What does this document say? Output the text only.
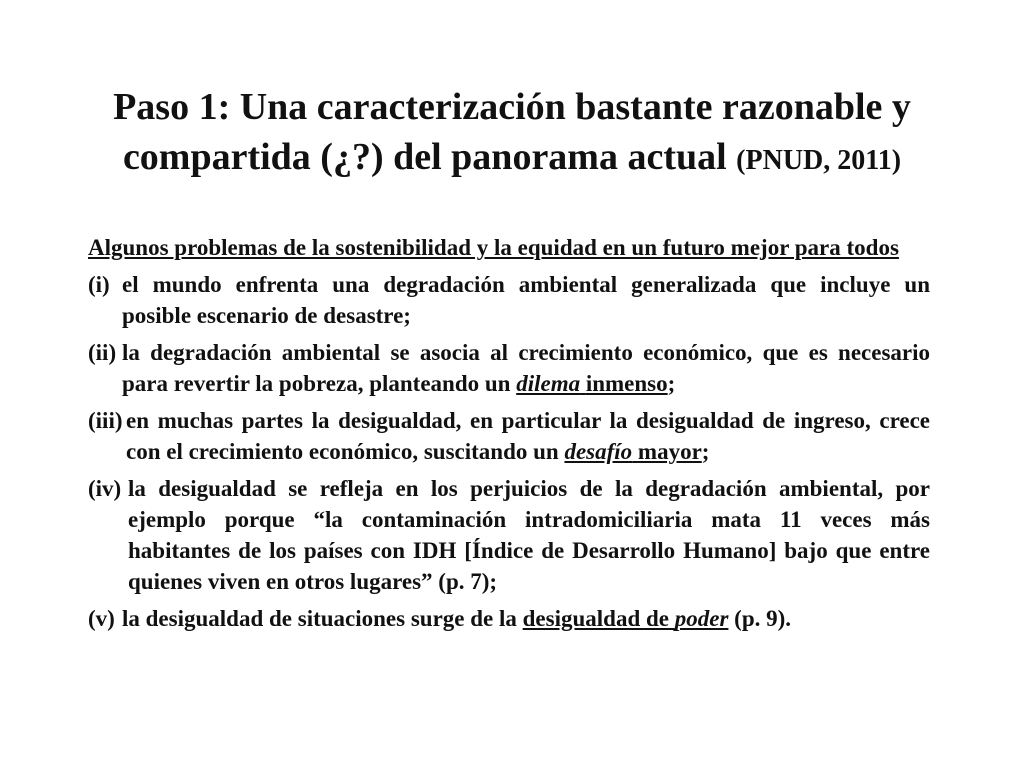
Paso 1: Una caracterización bastante razonable y
compartida (¿?) del panorama actual (PNUD, 2011)

Algunos problemas de la sostenibilidad y la equidad en un futuro mejor para todos

(i) el mundo enfrenta una degradación ambiental generalizada que incluye un posible escenario de desastre;
(ii) la degradación ambiental se asocia al crecimiento económico, que es necesario para revertir la pobreza, planteando un dilema inmenso;
(iii) en muchas partes la desigualdad, en particular la desigualdad de ingreso, crece con el crecimiento económico, suscitando un desafío mayor;
(iv) la desigualdad se refleja en los perjuicios de la degradación ambiental, por ejemplo porque “la contaminación intradomiciliaria mata 11 veces más habitantes de los países con IDH [Índice de Desarrollo Humano] bajo que entre quienes viven en otros lugares” (p. 7);
(v) la desigualdad de situaciones surge de la desigualdad de poder (p. 9).
